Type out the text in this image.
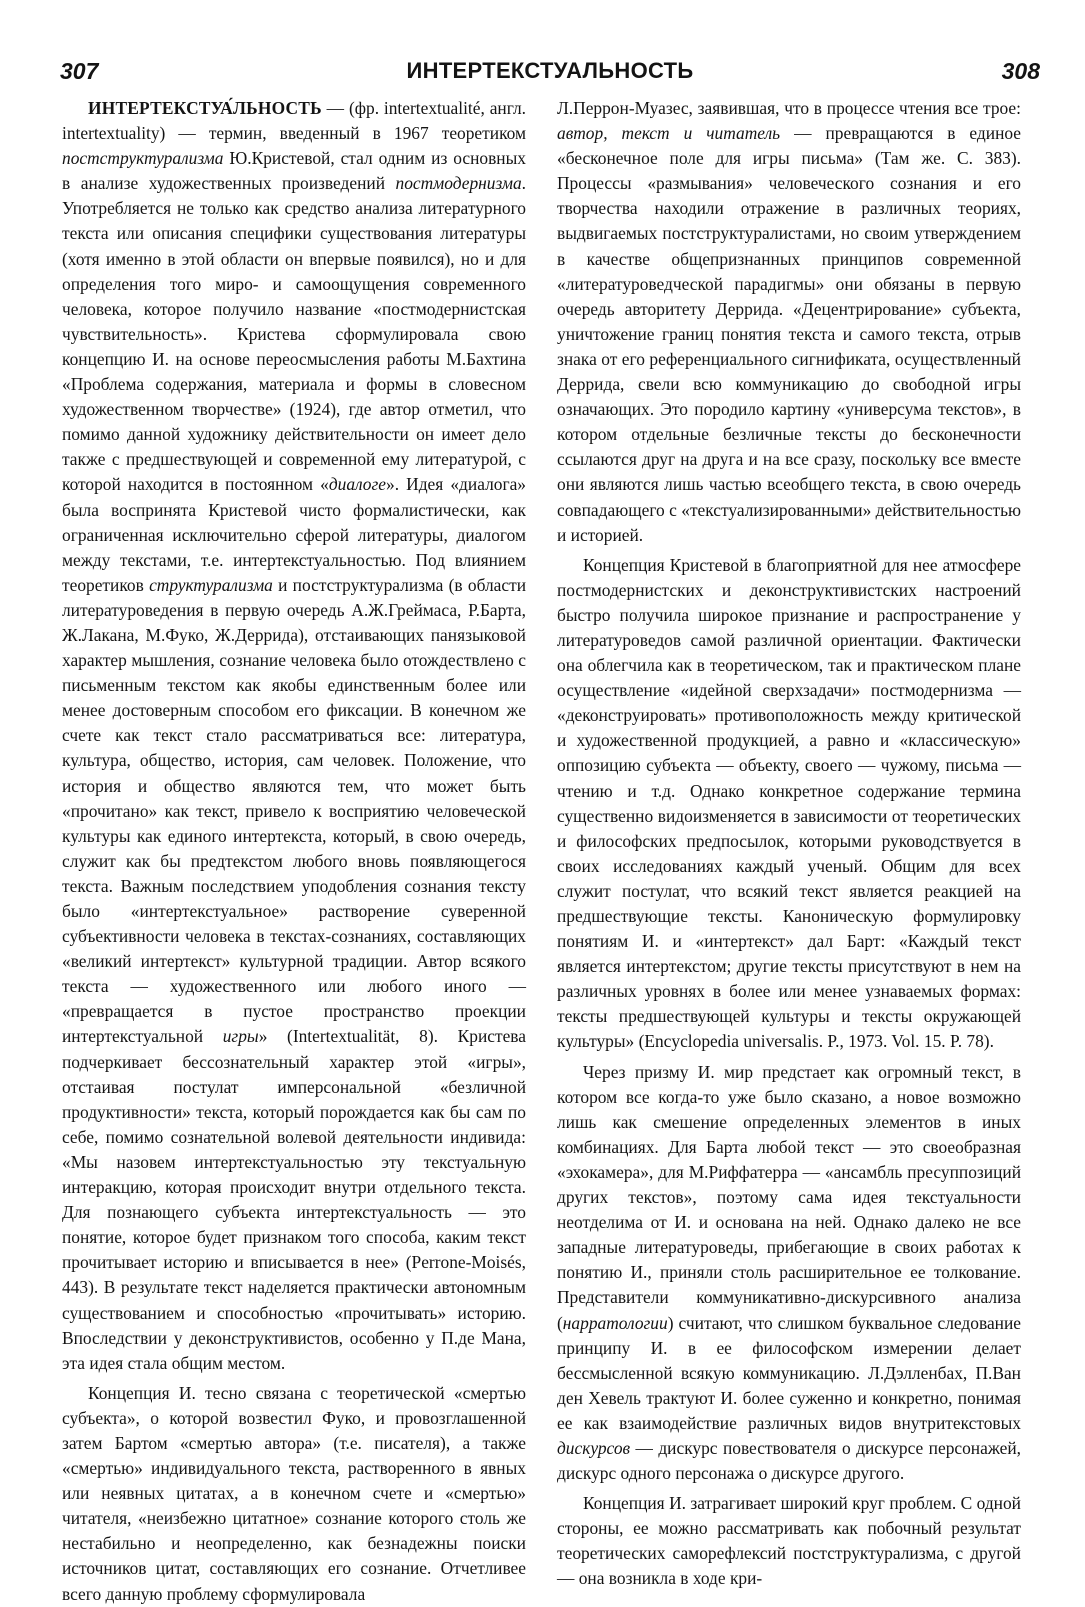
307	ИНТЕРТЕКСТУАЛЬНОСТЬ	308

ИНТЕРТЕКСТУА́ЛЬНОСТЬ — (фр. intertextualité, англ. intertextuality) — термин, введенный в 1967 теоретиком постструктурализма Ю.Кристевой, стал одним из основных в анализе художественных произведений постмодернизма. Употребляется не только как средство анализа литературного текста или описания специфики существования литературы (хотя именно в этой области он впервые появился), но и для определения того миро- и самоощущения современного человека, которое получило название «постмодернистская чувствительность». Кристева сформулировала свою концепцию И. на основе переосмысления работы М.Бахтина «Проблема содержания, материала и формы в словесном художественном творчестве» (1924), где автор отметил, что помимо данной художнику действительности он имеет дело также с предшествующей и современной ему литературой, с которой находится в постоянном «диалоге». Идея «диалога» была воспринята Кристевой чисто формалистически, как ограниченная исключительно сферой литературы, диалогом между текстами, т.е. интертекстуальностью. Под влиянием теоретиков структурализма и постструктурализма (в области литературоведения в первую очередь А.Ж.Греймаса, Р.Барта, Ж.Лакана, М.Фуко, Ж.Деррида), отстаивающих панязыковой характер мышления, сознание человека было отождествлено с письменным текстом как якобы единственным более или менее достоверным способом его фиксации. В конечном же счете как текст стало рассматриваться все: литература, культура, общество, история, сам человек. Положение, что история и общество являются тем, что может быть «прочитано» как текст, привело к восприятию человеческой культуры как единого интертекста, который, в свою очередь, служит как бы предтекстом любого вновь появляющегося текста. Важным последствием уподобления сознания тексту было «интертекстуальное» растворение суверенной субъективности человека в текстах-сознаниях, составляющих «великий интертекст» культурной традиции. Автор всякого текста — художественного или любого иного — «превращается в пустое пространство проекции интертекстуальной игры» (Intertextualität, 8). Кристева подчеркивает бессознательный характер этой «игры», отстаивая постулат имперсональной «безличной продуктивности» текста, который порождается как бы сам по себе, помимо сознательной волевой деятельности индивида: «Мы назовем интертекстуальностью эту текстуальную интеракцию, которая происходит внутри отдельного текста. Для познающего субъекта интертекстуальность — это понятие, которое будет признаком того способа, каким текст прочитывает историю и вписывается в нее» (Perrone-Moisés, 443). В результате текст наделяется практически автономным существованием и способностью «прочитывать» историю. Впоследствии у деконструктивистов, особенно у П.де Мана, эта идея стала общим местом.

Концепция И. тесно связана с теоретической «смертью субъекта», о которой возвестил Фуко, и провозглашенной затем Бартом «смертью автора» (т.е. писателя), а также «смертью» индивидуального текста, растворенного в явных или неявных цитатах, а в конечном счете и «смертью» читателя, «неизбежно цитатное» сознание которого столь же нестабильно и неопределенно, как безнадежны поиски источников цитат, составляющих его сознание. Отчетливее всего данную проблему сформулировала

Л.Перрон-Муазес, заявившая, что в процессе чтения все трое: автор, текст и читатель — превращаются в единое «бесконечное поле для игры письма» (Там же. С. 383). Процессы «размывания» человеческого сознания и его творчества находили отражение в различных теориях, выдвигаемых постструктуралистами, но своим утверждением в качестве общепризнанных принципов современной «литературоведческой парадигмы» они обязаны в первую очередь авторитету Деррида. «Децентрирование» субъекта, уничтожение границ понятия текста и самого текста, отрыв знака от его референциального сигнификата, осуществленный Деррида, свели всю коммуникацию до свободной игры означающих. Это породило картину «универсума текстов», в котором отдельные безличные тексты до бесконечности ссылаются друг на друга и на все сразу, поскольку все вместе они являются лишь частью всеобщего текста, в свою очередь совпадающего с «текстуализированными» действительностью и историей.

Концепция Кристевой в благоприятной для нее атмосфере постмодернистских и деконструктивистских настроений быстро получила широкое признание и распространение у литературоведов самой различной ориентации. Фактически она облегчила как в теоретическом, так и практическом плане осуществление «идейной сверхзадачи» постмодернизма — «деконструировать» противоположность между критической и художественной продукцией, а равно и «классическую» оппозицию субъекта — объекту, своего — чужому, письма — чтению и т.д. Однако конкретное содержание термина существенно видоизменяется в зависимости от теоретических и философских предпосылок, которыми руководствуется в своих исследованиях каждый ученый. Общим для всех служит постулат, что всякий текст является реакцией на предшествующие тексты. Каноническую формулировку понятиям И. и «интертекст» дал Барт: «Каждый текст является интертекстом; другие тексты присутствуют в нем на различных уровнях в более или менее узнаваемых формах: тексты предшествующей культуры и тексты окружающей культуры» (Encyclopedia universalis. P., 1973. Vol. 15. P. 78).

Через призму И. мир предстает как огромный текст, в котором все когда-то уже было сказано, а новое возможно лишь как смешение определенных элементов в иных комбинациях. Для Барта любой текст — это своеобразная «эхокамера», для М.Риффатерра — «ансамбль пресуппозиций других текстов», поэтому сама идея текстуальности неотделима от И. и основана на ней. Однако далеко не все западные литературоведы, прибегающие в своих работах к понятию И., приняли столь расширительное ее толкование. Представители коммуникативно-дискурсивного анализа (нарратологии) считают, что слишком буквальное следование принципу И. в ее философском измерении делает бессмысленной всякую коммуникацию. Л.Дэлленбах, П.Ван ден Хевель трактуют И. более суженно и конкретно, понимая ее как взаимодействие различных видов внутритекстовых дискурсов — дискурс повествователя о дискурсе персонажей, дискурс одного персонажа о дискурсе другого.

Концепция И. затрагивает широкий круг проблем. С одной стороны, ее можно рассматривать как побочный результат теоретических саморефлексий постструктурализма, с другой — она возникла в ходе кри-
